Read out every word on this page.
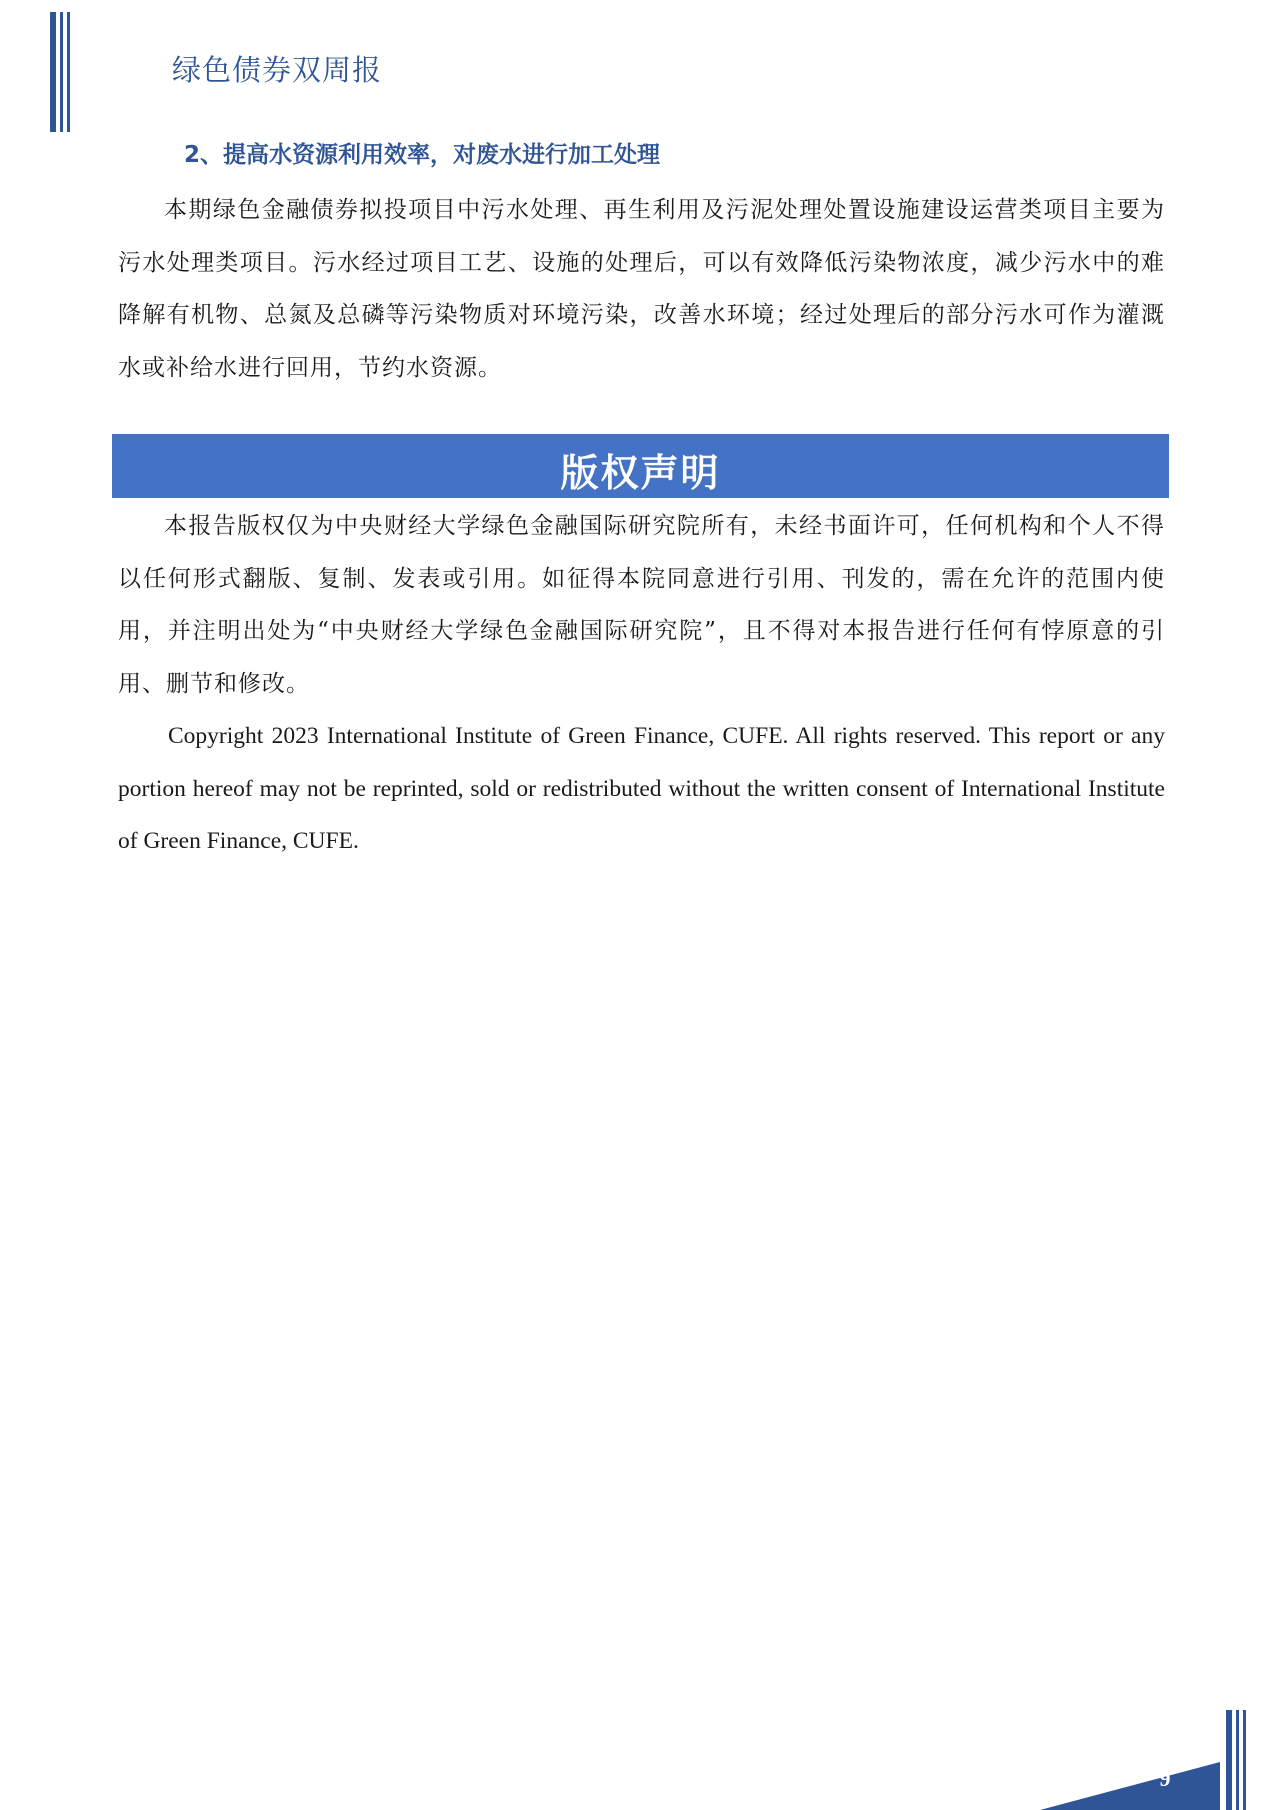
绿色债券双周报
2、提高水资源利用效率，对废水进行加工处理

本期绿色金融债券拟投项目中污水处理、再生利用及污泥处理处置设施建设运营类项目主要为污水处理类项目。污水经过项目工艺、设施的处理后，可以有效降低污染物浓度，减少污水中的难降解有机物、总氮及总磷等污染物质对环境污染，改善水环境；经过处理后的部分污水可作为灌溉水或补给水进行回用，节约水资源。

版权声明

本报告版权仅为中央财经大学绿色金融国际研究院所有，未经书面许可，任何机构和个人不得以任何形式翻版、复制、发表或引用。如征得本院同意进行引用、刊发的，需在允许的范围内使用，并注明出处为“中央财经大学绿色金融国际研究院”，且不得对本报告进行任何有悖原意的引用、删节和修改。

Copyright 2023 International Institute of Green Finance, CUFE. All rights reserved. This report or any portion hereof may not be reprinted, sold or redistributed without the written consent of International Institute of Green Finance, CUFE.

9
